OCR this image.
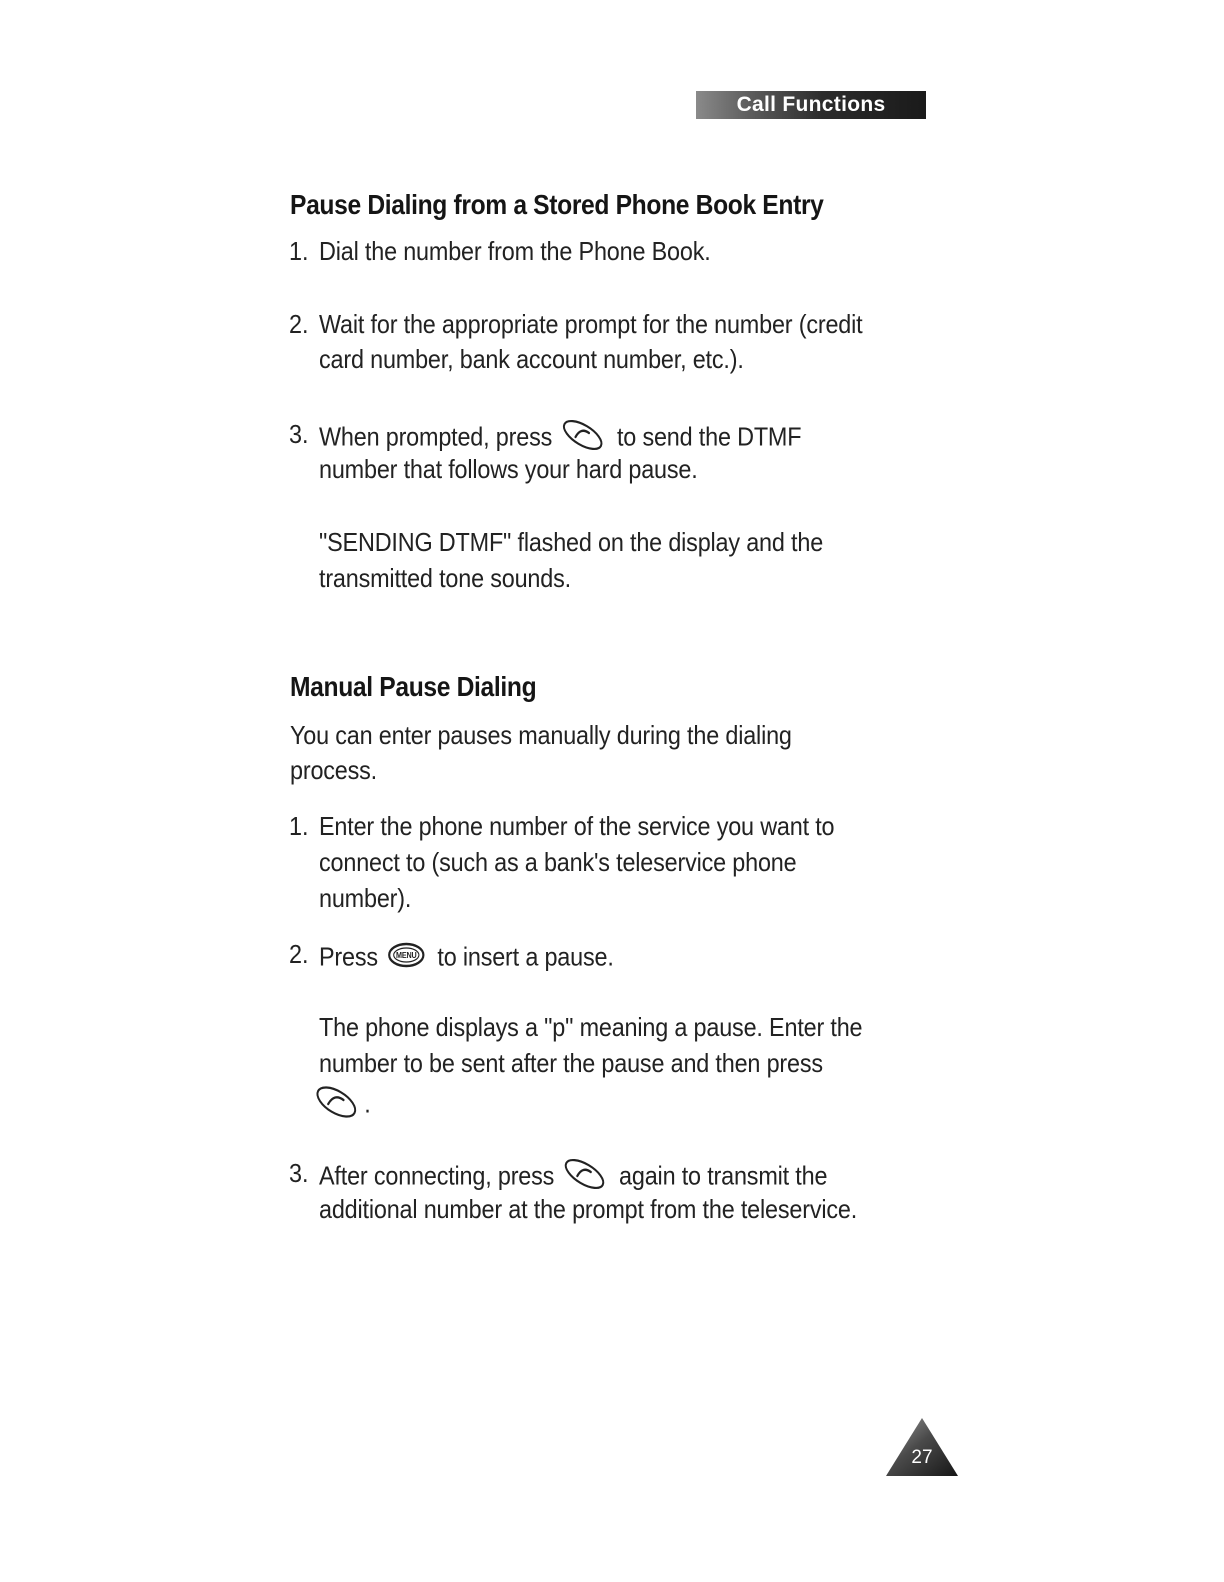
Call Functions
Pause Dialing from a Stored Phone Book Entry
1. Dial the number from the Phone Book.
2. Wait for the appropriate prompt for the number (credit
card number, bank account number, etc.).
3. When prompted, press to send the DTMF
number that follows your hard pause.
"SENDING DTMF" flashed on the display and the
transmitted tone sounds.
Manual Pause Dialing
You can enter pauses manually during the dialing
process.
1. Enter the phone number of the service you want to
connect to (such as a bank's teleservice phone
number).
2. Press MENU to insert a pause.
The phone displays a "p" meaning a pause. Enter the
number to be sent after the pause and then press
.
3. After connecting, press again to transmit the
additional number at the prompt from the teleservice.
27
